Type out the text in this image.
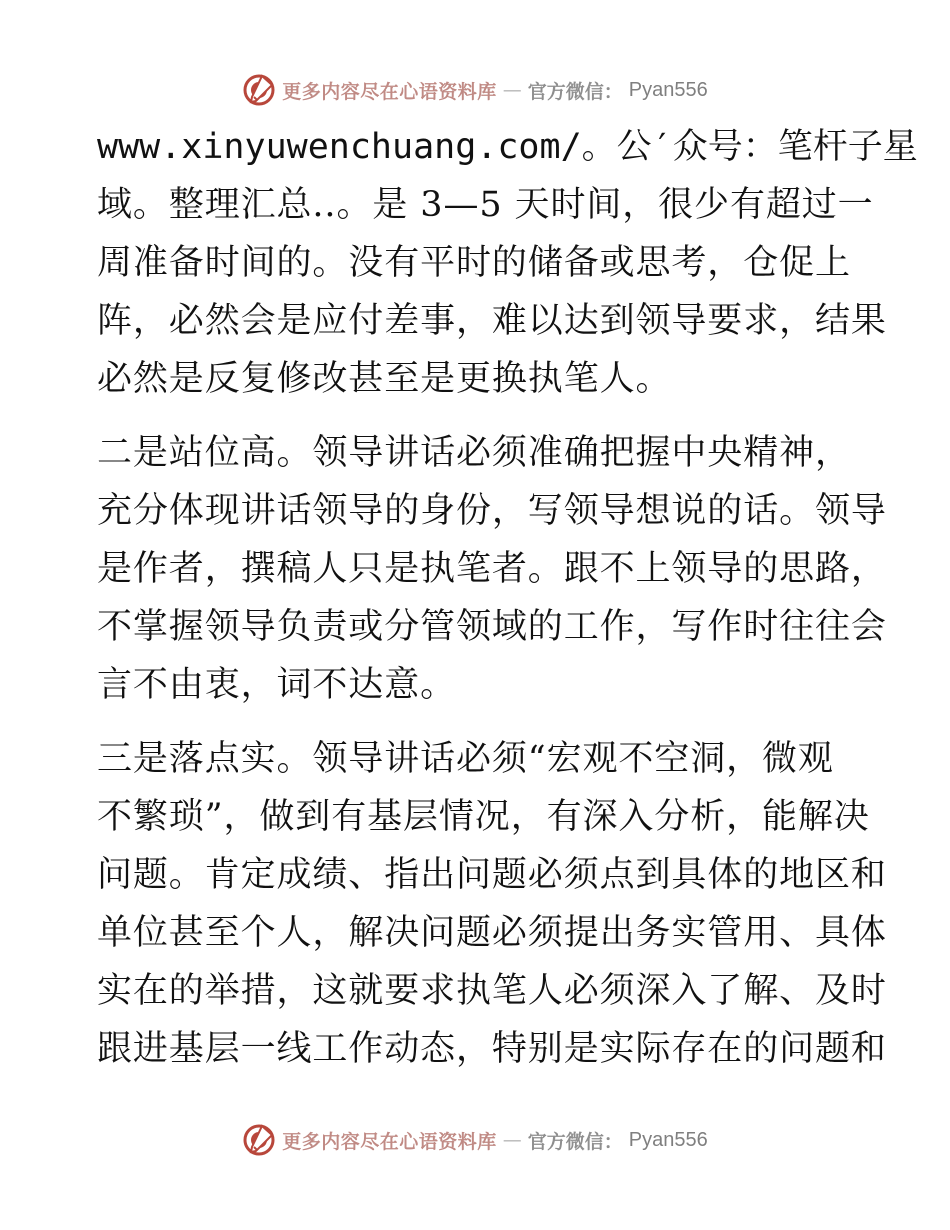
更多内容尽在心语资料库 — 官方微信： Pyan556
www.xinyuwenchuang.com/。公′众号：笔杆子星
域。整理汇总..。是 3—5 天时间，很少有超过一
周准备时间的。没有平时的储备或思考，仓促上
阵，必然会是应付差事，难以达到领导要求，结果
必然是反复修改甚至是更换执笔人。
二是站位高。领导讲话必须准确把握中央精神，
充分体现讲话领导的身份，写领导想说的话。领导
是作者，撰稿人只是执笔者。跟不上领导的思路，
不掌握领导负责或分管领域的工作，写作时往往会
言不由衷，词不达意。
三是落点实。领导讲话必须“宏观不空洞，微观
不繁琐”，做到有基层情况，有深入分析，能解决
问题。肯定成绩、指出问题必须点到具体的地区和
单位甚至个人，解决问题必须提出务实管用、具体
实在的举措，这就要求执笔人必须深入了解、及时
跟进基层一线工作动态，特别是实际存在的问题和
更多内容尽在心语资料库 — 官方微信： Pyan556
